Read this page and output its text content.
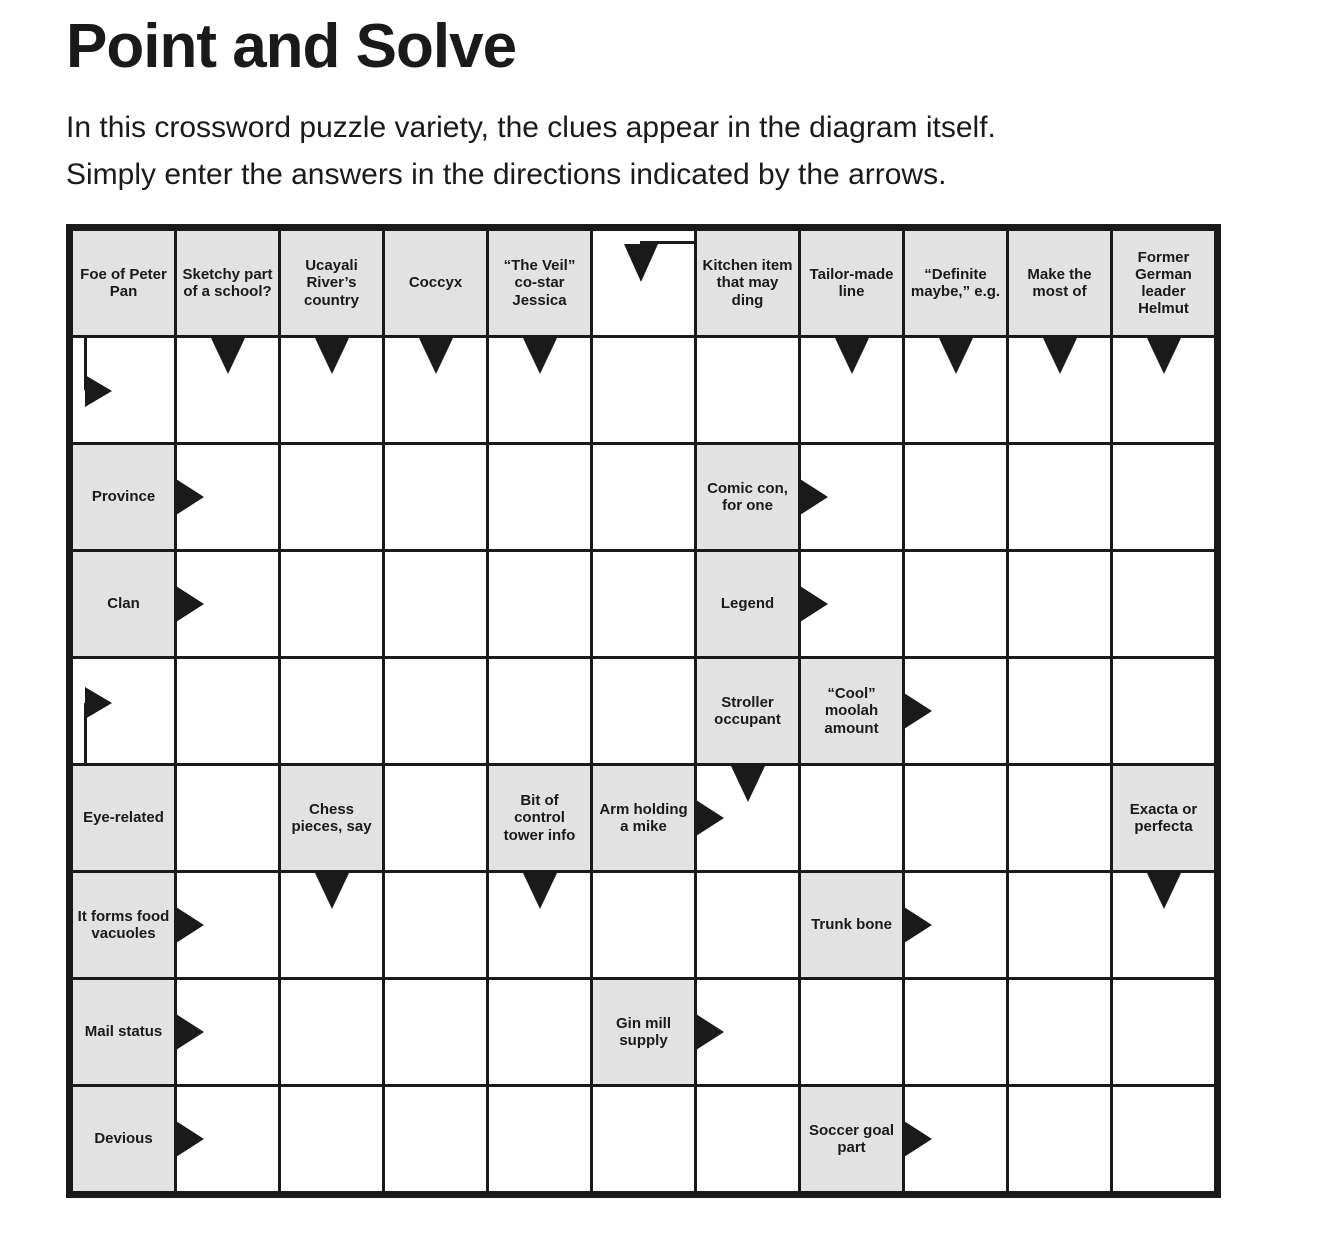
Point and Solve

In this crossword puzzle variety, the clues appear in the diagram itself.
Simply enter the answers in the directions indicated by the arrows.

Foe of Peter Pan
Sketchy part of a school?
Ucayali River’s country
Coccyx
“The Veil” co-star Jessica
Kitchen item that may ding
Tailor-made line
“Definite maybe,” e.g.
Make the most of
Former German leader Helmut
Province
Comic con, for one
Clan	Legend
Stroller occupant
“Cool” moolah amount
Eye-related
Chess pieces, say
Bit of control tower info
Arm holding a mike
Exacta or perfecta
It forms food vacuoles
Trunk bone
Mail status
Gin mill supply
Devious
Soccer goal part
